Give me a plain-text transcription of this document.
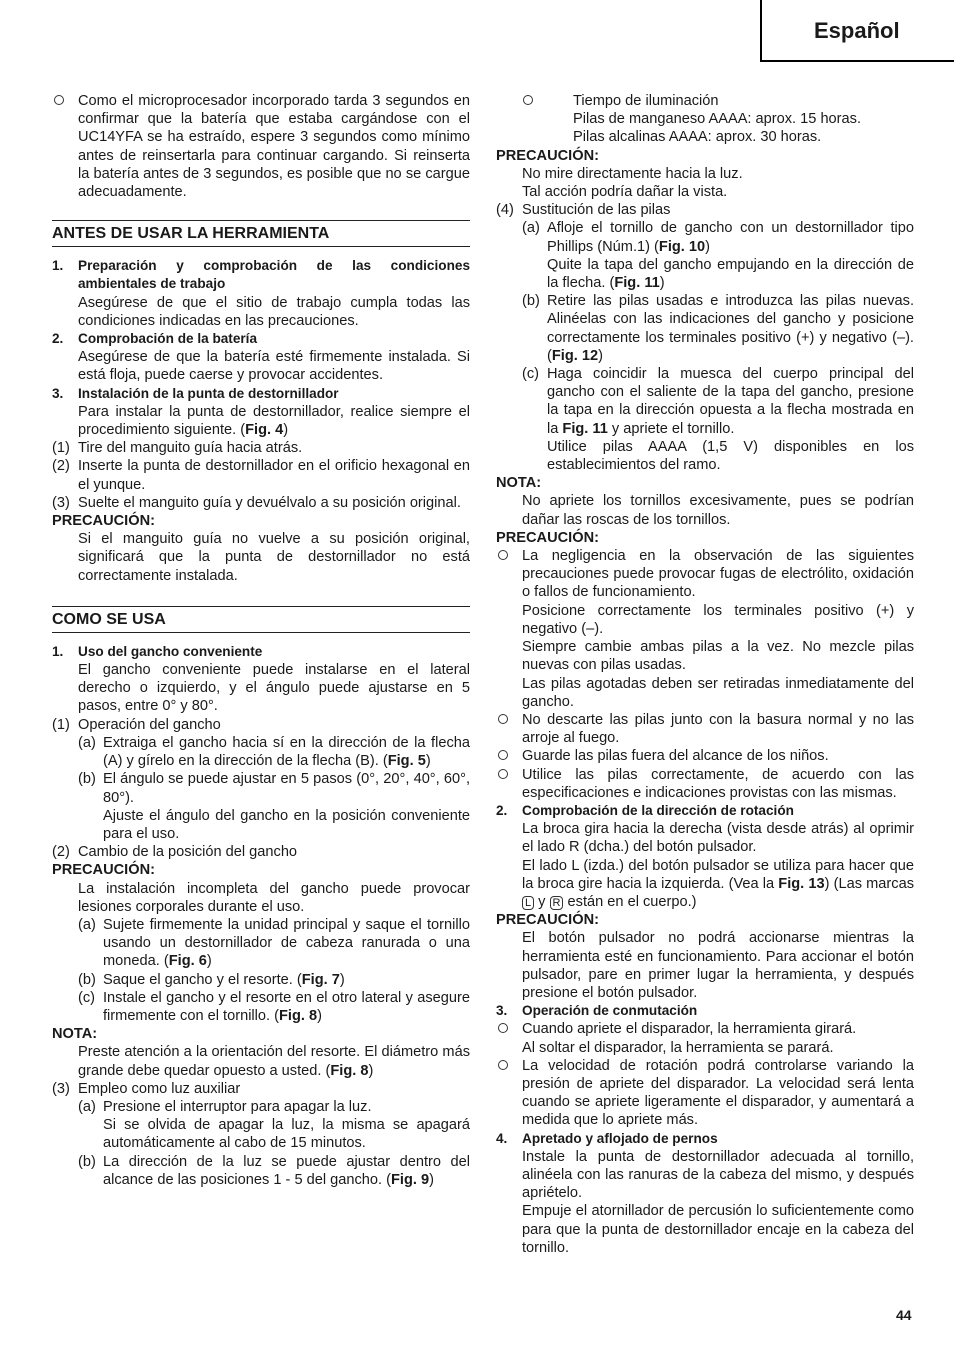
Español
Como el microprocesador incorporado tarda 3 segundos en confirmar que la batería que estaba cargándose con el UC14YFA se ha estraído, espere 3 segundos como mínimo antes de reinsertarla para continuar cargando. Si reinserta la batería antes de 3 segundos, es posible que no se cargue adecuadamente.
ANTES DE USAR LA HERRAMIENTA
1. Preparación y comprobación de las condiciones ambientales de trabajo
Asegúrese de que el sitio de trabajo cumpla todas las condiciones indicadas en las precauciones.
2. Comprobación de la batería
Asegúrese de que la batería esté firmemente instalada. Si está floja, puede caerse y provocar accidentes.
3. Instalación de la punta de destornillador
Para instalar la punta de destornillador, realice siempre el procedimiento siguiente. (Fig. 4)
(1) Tire del manguito guía hacia atrás.
(2) Inserte la punta de destornillador en el orificio hexagonal en el yunque.
(3) Suelte el manguito guía y devuélvalo a su posición original.
PRECAUCIÓN:
Si el manguito guía no vuelve a su posición original, significará que la punta de destornillador no está correctamente instalada.
COMO SE USA
1. Uso del gancho conveniente
El gancho conveniente puede instalarse en el lateral derecho o izquierdo, y el ángulo puede ajustarse en 5 pasos, entre 0° y 80°.
(1) Operación del gancho
(a) Extraiga el gancho hacia sí en la dirección de la flecha (A) y gírelo en la dirección de la flecha (B). (Fig. 5)
(b) El ángulo se puede ajustar en 5 pasos (0°, 20°, 40°, 60°, 80°).
Ajuste el ángulo del gancho en la posición conveniente para el uso.
(2) Cambio de la posición del gancho
PRECAUCIÓN:
La instalación incompleta del gancho puede provocar lesiones corporales durante el uso.
(a) Sujete firmemente la unidad principal y saque el tornillo usando un destornillador de cabeza ranurada o una moneda. (Fig. 6)
(b) Saque el gancho y el resorte. (Fig. 7)
(c) Instale el gancho y el resorte en el otro lateral y asegure firmemente con el tornillo. (Fig. 8)
NOTA:
Preste atención a la orientación del resorte. El diámetro más grande debe quedar opuesto a usted. (Fig. 8)
(3) Empleo como luz auxiliar
(a) Presione el interruptor para apagar la luz.
Si se olvida de apagar la luz, la misma se apagará automáticamente al cabo de 15 minutos.
(b) La dirección de la luz se puede ajustar dentro del alcance de las posiciones 1 - 5 del gancho. (Fig. 9)
Tiempo de iluminación
Pilas de manganeso AAAA: aprox. 15 horas.
Pilas alcalinas AAAA: aprox. 30 horas.
PRECAUCIÓN:
No mire directamente hacia la luz.
Tal acción podría dañar la vista.
(4) Sustitución de las pilas
(a) Afloje el tornillo de gancho con un destornillador tipo Phillips (Núm.1) (Fig. 10)
Quite la tapa del gancho empujando en la dirección de la flecha. (Fig. 11)
(b) Retire las pilas usadas e introduzca las pilas nuevas. Alinéelas con las indicaciones del gancho y posicione correctamente los terminales positivo (+) y negativo (–). (Fig. 12)
(c) Haga coincidir la muesca del cuerpo principal del gancho con el saliente de la tapa del gancho, presione la tapa en la dirección opuesta a la flecha mostrada en la Fig. 11 y apriete el tornillo.
Utilice pilas AAAA (1,5 V) disponibles en los establecimientos del ramo.
NOTA:
No apriete los tornillos excesivamente, pues se podrían dañar las roscas de los tornillos.
PRECAUCIÓN:
La negligencia en la observación de las siguientes precauciones puede provocar fugas de electrólito, oxidación o fallos de funcionamiento.
Posicione correctamente los terminales positivo (+) y negativo (–).
Siempre cambie ambas pilas a la vez. No mezcle pilas nuevas con pilas usadas.
Las pilas agotadas deben ser retiradas inmediatamente del gancho.
No descarte las pilas junto con la basura normal y no las arroje al fuego.
Guarde las pilas fuera del alcance de los niños.
Utilice las pilas correctamente, de acuerdo con las especificaciones e indicaciones provistas con las mismas.
2. Comprobación de la dirección de rotación
La broca gira hacia la derecha (vista desde atrás) al oprimir el lado R (dcha.) del botón pulsador.
El lado L (izda.) del botón pulsador se utiliza para hacer que la broca gire hacia la izquierda. (Vea la Fig. 13) (Las marcas L y R están en el cuerpo.)
PRECAUCIÓN:
El botón pulsador no podrá accionarse mientras la herramienta esté en funcionamiento. Para accionar el botón pulsador, pare en primer lugar la herramienta, y después presione el botón pulsador.
3. Operación de conmutación
Cuando apriete el disparador, la herramienta girará.
Al soltar el disparador, la herramienta se parará.
La velocidad de rotación podrá controlarse variando la presión de apriete del disparador. La velocidad será lenta cuando se apriete ligeramente el disparador, y aumentará a medida que lo apriete más.
4. Apretado y aflojado de pernos
Instale la punta de destornillador adecuada al tornillo, alinéela con las ranuras de la cabeza del mismo, y después apriételo.
Empuje el atornillador de percusión lo suficientemente como para que la punta de destornillador encaje en la cabeza del tornillo.
44
